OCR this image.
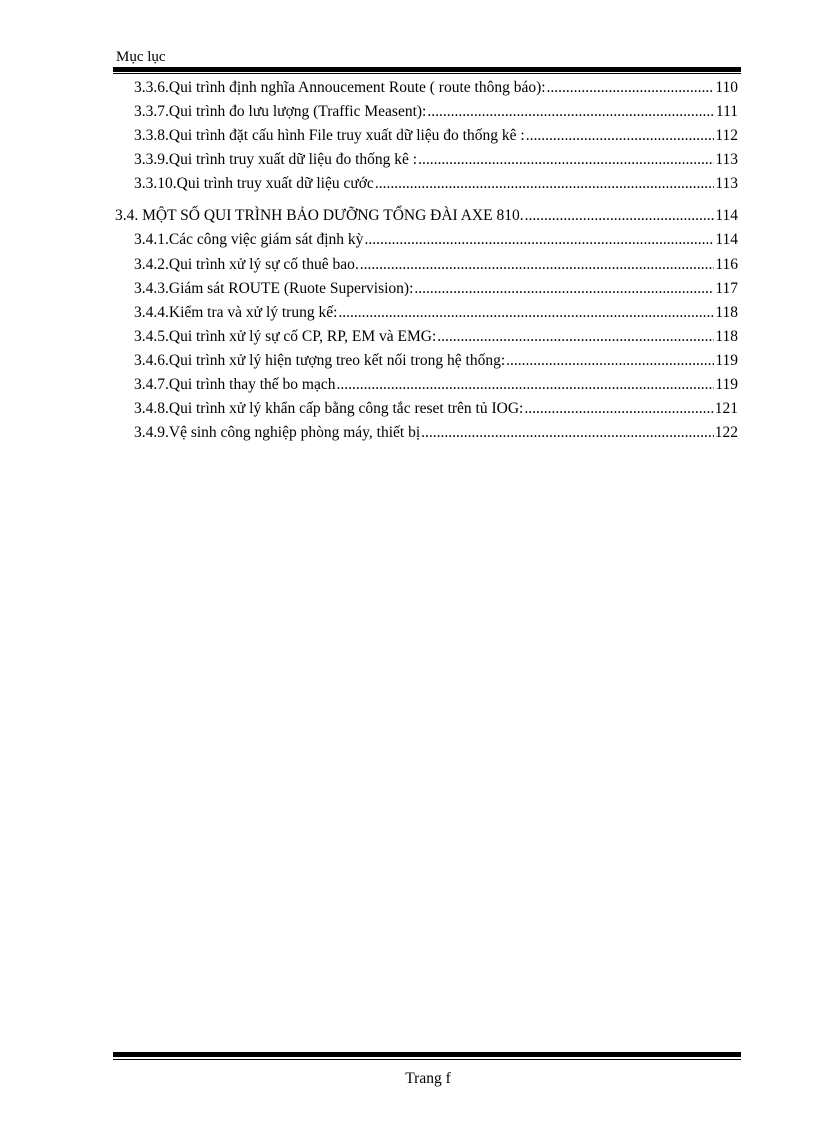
Mục lục
3.3.6.Qui trình định nghĩa Annoucement Route ( route thông báo): .....	110
3.3.7.Qui trình đo lưu lượng (Traffic Measent): .....	111
3.3.8.Qui trình đặt cấu hình File truy xuất dữ liệu đo thống kê : .....	112
3.3.9.Qui trình truy xuất dữ liệu đo thống kê : .....	113
3.3.10.Qui trình truy xuất dữ liệu cước .....	113
3.4. MỘT SỐ QUI TRÌNH BẢO DƯỠNG TỔNG ĐÀI AXE 810. .....	114
3.4.1.Các công việc giám sát định kỳ .....	114
3.4.2.Qui trình xử lý sự cố thuê bao. .....	116
3.4.3.Giám sát ROUTE (Ruote Supervision): .....	117
3.4.4.Kiểm tra và xử lý trung kế: .....	118
3.4.5.Qui trình xử lý sự cố CP, RP, EM và EMG: .....	118
3.4.6.Qui trình xử lý hiện tượng treo kết nối trong hệ thống: .....	119
3.4.7.Qui trình thay thế bo mạch .....	119
3.4.8.Qui trình xử lý khẩn cấp bằng công tắc reset trên tủ IOG: .....	121
3.4.9.Vệ sinh công nghiệp phòng máy, thiết bị .....	122
Trang f
